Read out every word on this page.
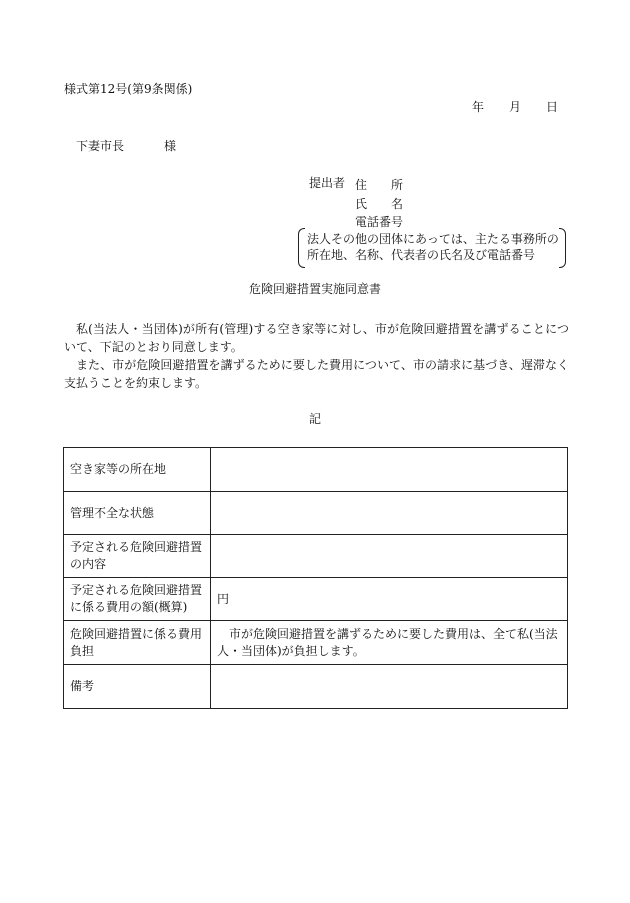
様式第12号(第9条関係)
年 月 日
下妻市長	様
提出者 住　　所
氏　　名
電話番号
法人その他の団体にあっては、主たる事務所の所在地、名称、代表者の氏名及び電話番号
危険回避措置実施同意書
私(当法人・当団体)が所有(管理)する空き家等に対し、市が危険回避措置を講ずることについて、下記のとおり同意します。
また、市が危険回避措置を講ずるために要した費用について、市の請求に基づき、遅滞なく支払うことを約束します。
記
空き家等の所在地	
管理不全な状態	
予定される危険回避措置の内容	
予定される危険回避措置に係る費用の額(概算)	円
危険回避措置に係る費用負担	市が危険回避措置を講ずるために要した費用は、全て私(当法人・当団体)が負担します。
備考	
